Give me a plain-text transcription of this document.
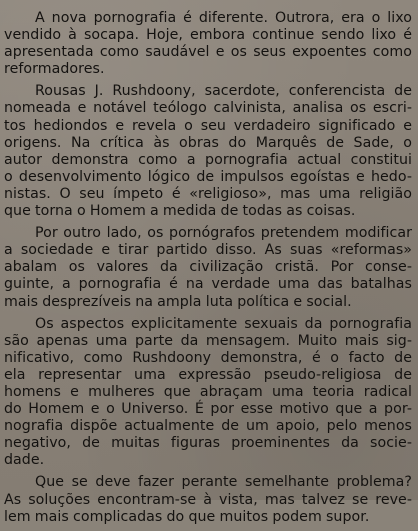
A nova pornografia é diferente. Outrora, era o lixo
vendido à socapa. Hoje, embora continue sendo lixo é
apresentada como saudável e os seus expoentes como
reformadores.

Rousas J. Rushdoony, sacerdote, conferencista de
nomeada e notável teólogo calvinista, analisa os escri-
tos hediondos e revela o seu verdadeiro significado e
origens. Na crítica às obras do Marquês de Sade, o
autor demonstra como a pornografia actual constitui
o desenvolvimento lógico de impulsos egoístas e hedo-
nistas. O seu ímpeto é «religioso», mas uma religião
que torna o Homem a medida de todas as coisas.

Por outro lado, os pornógrafos pretendem modificar
a sociedade e tirar partido disso. As suas «reformas»
abalam os valores da civilização cristã. Por conse-
guinte, a pornografia é na verdade uma das batalhas
mais desprezíveis na ampla luta política e social.

Os aspectos explicitamente sexuais da pornografia
são apenas uma parte da mensagem. Muito mais sig-
nificativo, como Rushdoony demonstra, é o facto de
ela representar uma expressão pseudo-religiosa de
homens e mulheres que abraçam uma teoria radical
do Homem e o Universo. É por esse motivo que a por-
nografia dispõe actualmente de um apoio, pelo menos
negativo, de muitas figuras proeminentes da socie-
dade.

Que se deve fazer perante semelhante problema?
As soluções encontram-se à vista, mas talvez se reve-
lem mais complicadas do que muitos podem supor.
